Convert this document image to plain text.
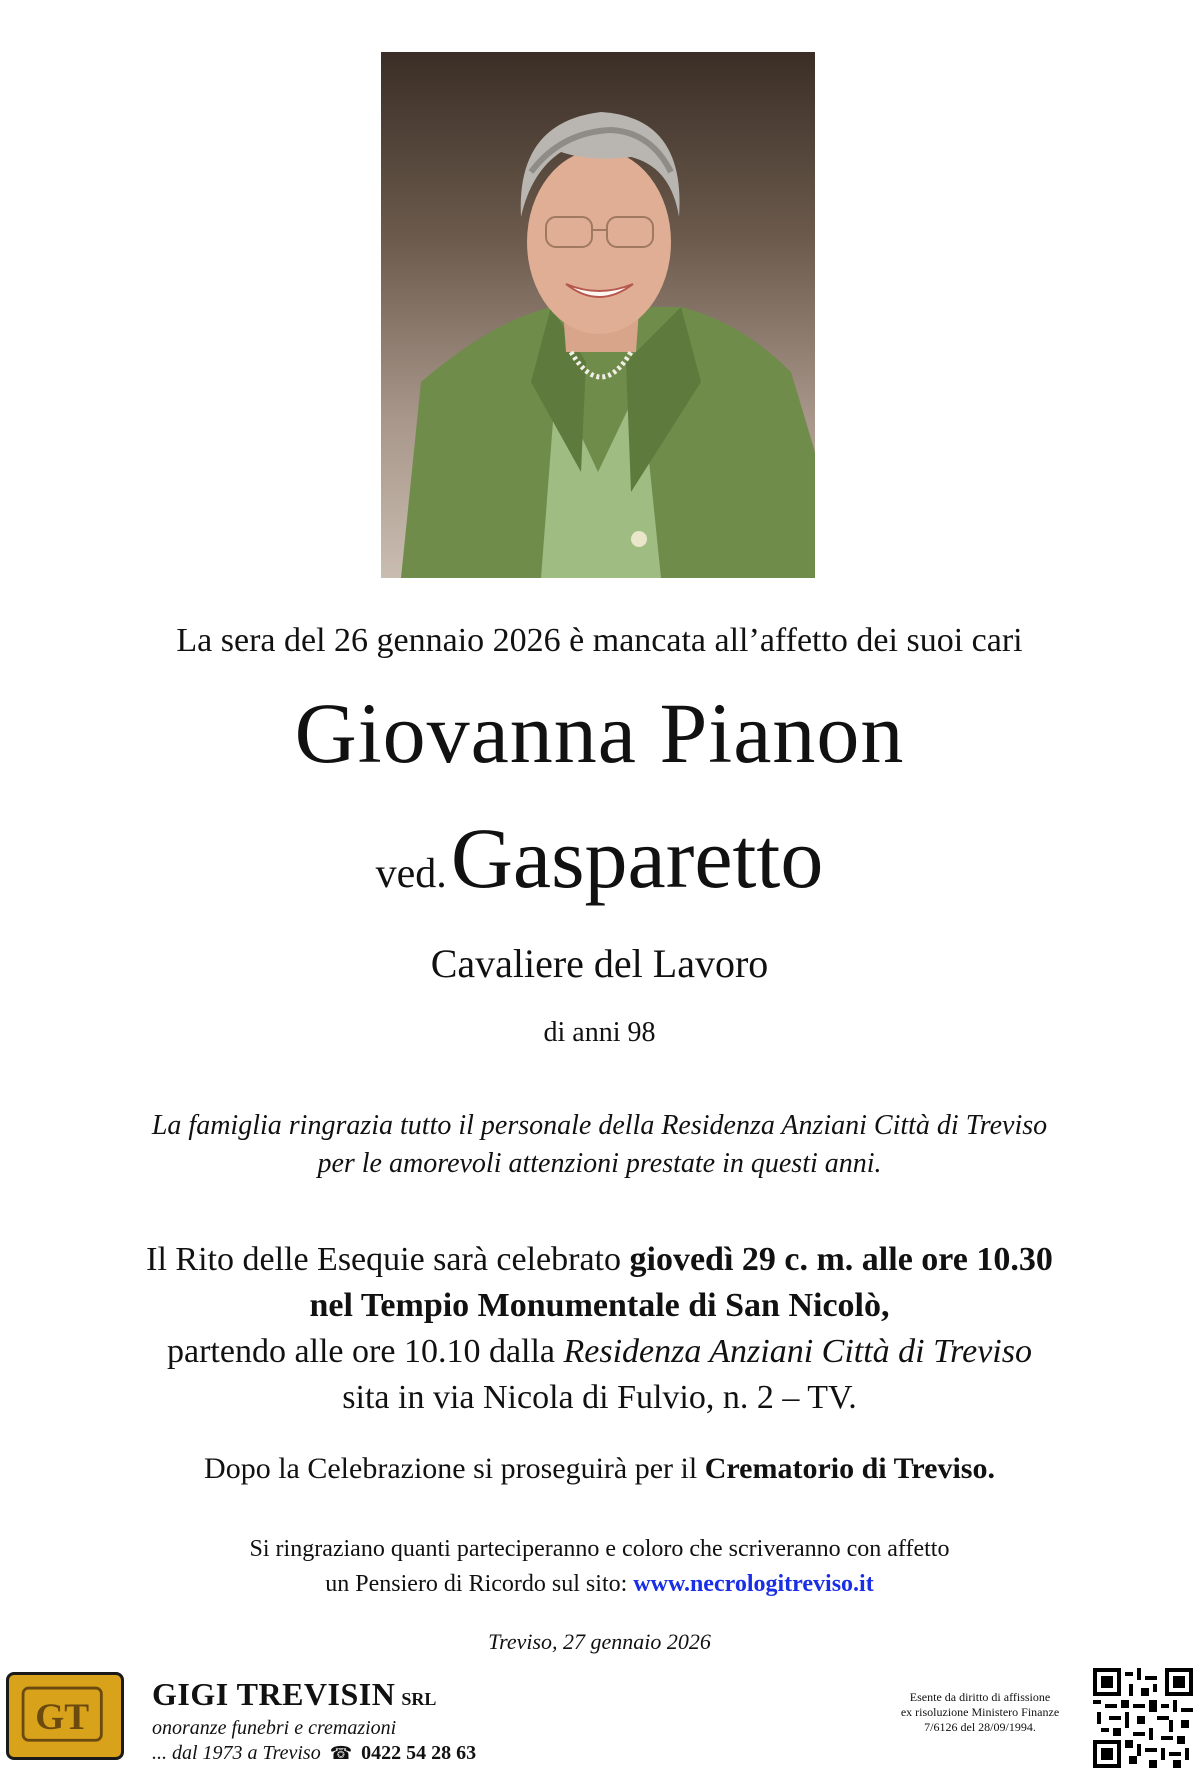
La sera del 26 gennaio 2026 è mancata all’affetto dei suoi cari
Giovanna Pianon
ved. Gasparetto
Cavaliere del Lavoro
di anni 98
La famiglia ringrazia tutto il personale della Residenza Anziani Città di Treviso
per le amorevoli attenzioni prestate in questi anni.
Il Rito delle Esequie sarà celebrato giovedì 29 c. m. alle ore 10.30
nel Tempio Monumentale di San Nicolò,
partendo alle ore 10.10 dalla Residenza Anziani Città di Treviso
sita in via Nicola di Fulvio, n. 2 – TV.
Dopo la Celebrazione si proseguirà per il Crematorio di Treviso.
Si ringraziano quanti parteciperanno e coloro che scriveranno con affetto
un Pensiero di Ricordo sul sito: www.necrologitreviso.it
Treviso, 27 gennaio 2026
GT
GIGI TREVISIN SRL
onoranze funebri e cremazioni
... dal 1973 a Treviso ☎ 0422 54 28 63
Esente da diritto di affissione
ex risoluzione Ministero Finanze
7/6126 del 28/09/1994.
